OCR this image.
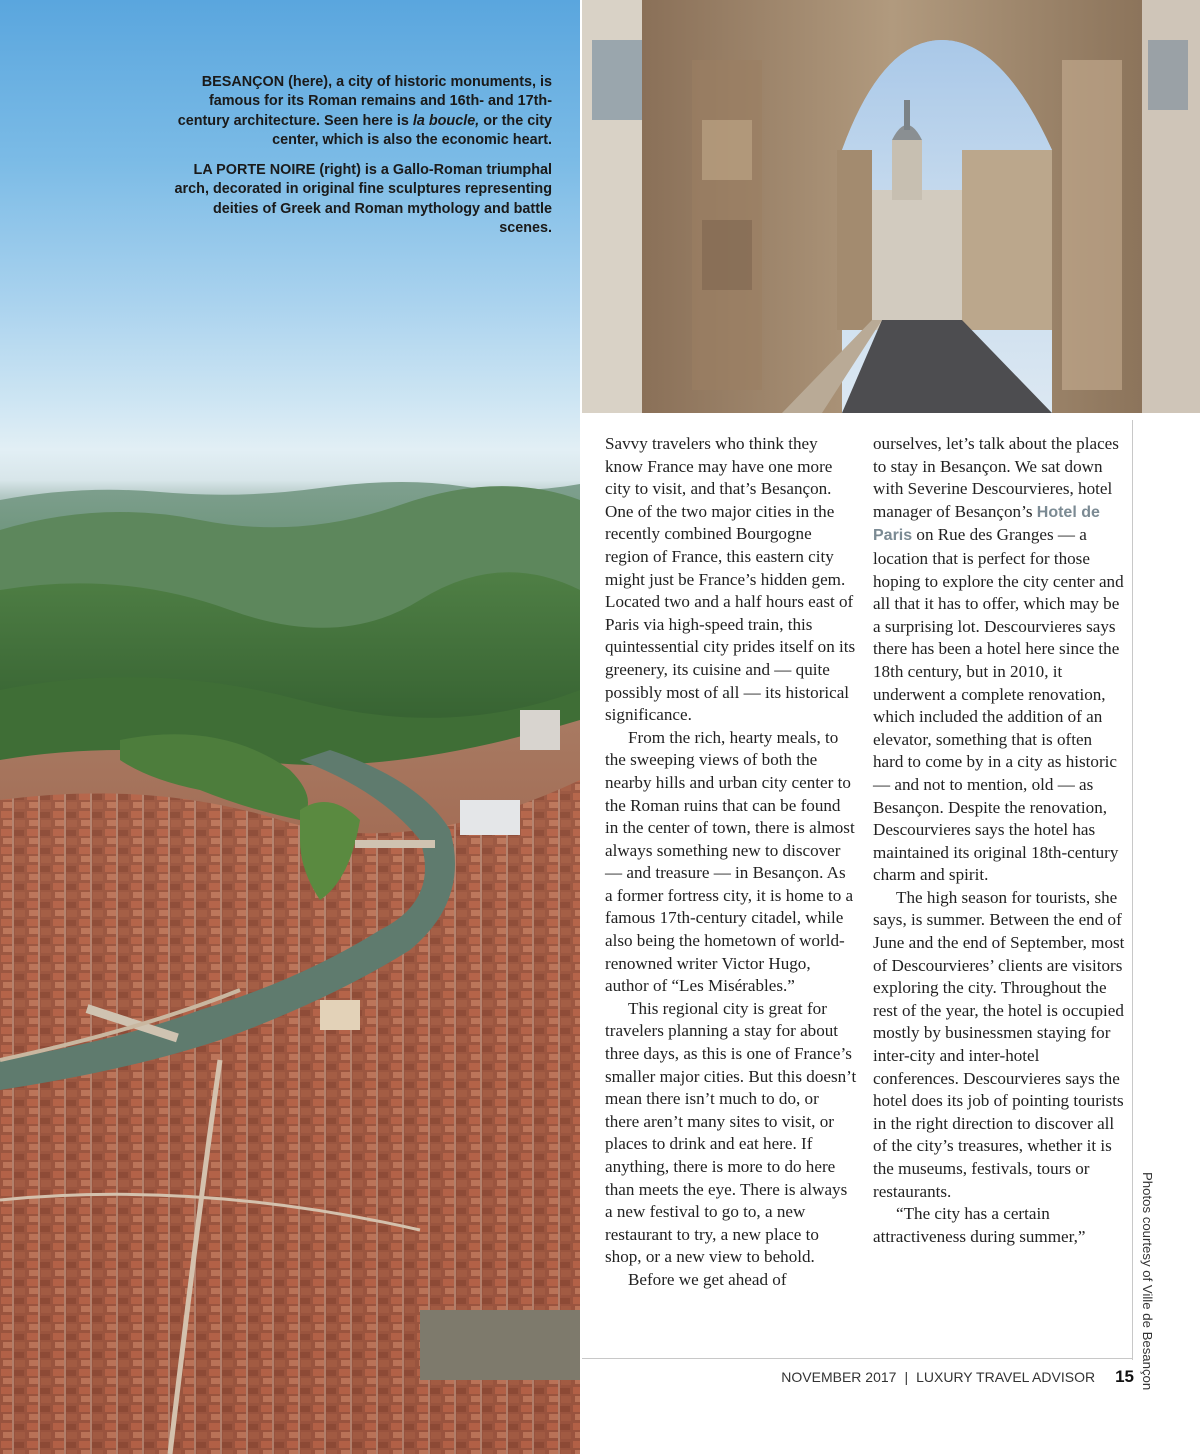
BESANÇON (here), a city of historic monuments, is famous for its Roman remains and 16th- and 17th-century architecture. Seen here is la boucle, or the city center, which is also the economic heart.

LA PORTE NOIRE (right) is a Gallo-Roman triumphal arch, decorated in original fine sculptures representing deities of Greek and Roman mythology and battle scenes.

Savvy travelers who think they know France may have one more city to visit, and that’s Besançon. One of the two major cities in the recently combined Bourgogne region of France, this eastern city might just be France’s hidden gem. Located two and a half hours east of Paris via high-speed train, this quintessential city prides itself on its greenery, its cuisine and — quite possibly most of all — its historical significance.

From the rich, hearty meals, to the sweeping views of both the nearby hills and urban city center to the Roman ruins that can be found in the center of town, there is almost always something new to discover — and treasure — in Besançon. As a former fortress city, it is home to a famous 17th-century citadel, while also being the hometown of world-renowned writer Victor Hugo, author of “Les Misérables.”

This regional city is great for travelers planning a stay for about three days, as this is one of France’s smaller major cities. But this doesn’t mean there isn’t much to do, or there aren’t many sites to visit, or places to drink and eat here. If anything, there is more to do here than meets the eye. There is always a new festival to go to, a new restaurant to try, a new place to shop, or a new view to behold.

Before we get ahead of

ourselves, let’s talk about the places to stay in Besançon. We sat down with Severine Descourvieres, hotel manager of Besançon’s Hotel de Paris on Rue des Granges — a location that is perfect for those hoping to explore the city center and all that it has to offer, which may be a surprising lot. Descourvieres says there has been a hotel here since the 18th century, but in 2010, it underwent a complete renovation, which included the addition of an elevator, something that is often hard to come by in a city as historic — and not to mention, old — as Besançon. Despite the renovation, Descourvieres says the hotel has maintained its original 18th-century charm and spirit.

The high season for tourists, she says, is summer. Between the end of June and the end of September, most of Descourvieres’ clients are visitors exploring the city. Throughout the rest of the year, the hotel is occupied mostly by businessmen staying for inter-city and inter-hotel conferences. Descourvieres says the hotel does its job of pointing tourists in the right direction to discover all of the city’s treasures, whether it is the museums, festivals, tours or restaurants.

“The city has a certain attractiveness during summer,”	Photos courtesy of Ville de Besançon
NOVEMBER 2017 | LUXURY TRAVEL ADVISOR 15
